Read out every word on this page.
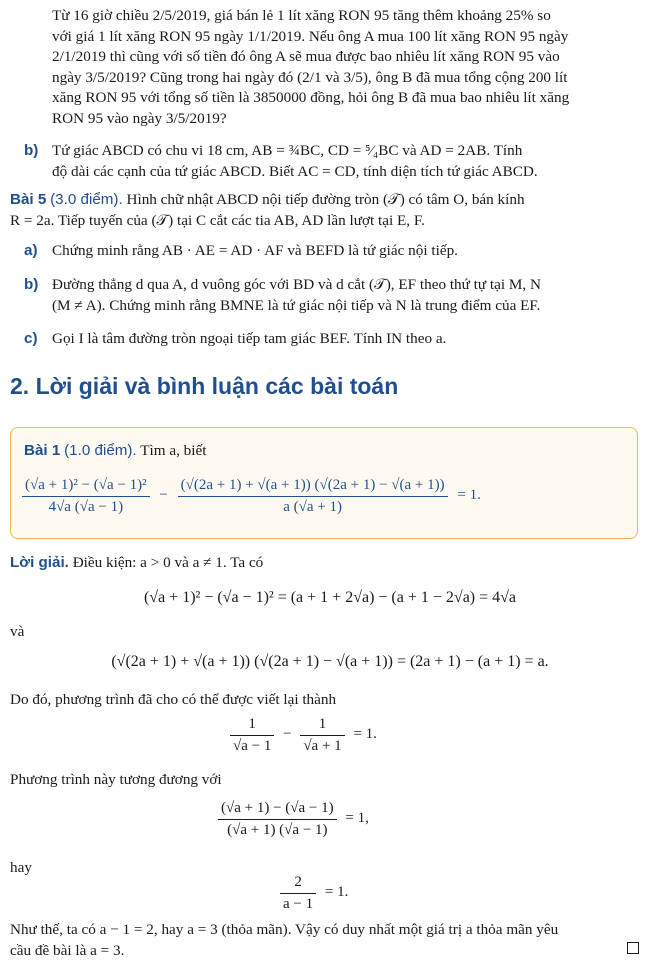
Từ 16 giờ chiều 2/5/2019, giá bán lẻ 1 lít xăng RON 95 tăng thêm khoảng 25% so
với giá 1 lít xăng RON 95 ngày 1/1/2019. Nếu ông A mua 100 lít xăng RON 95 ngày
2/1/2019 thì cũng với số tiền đó ông A sẽ mua được bao nhiêu lít xăng RON 95 vào
ngày 3/5/2019? Cũng trong hai ngày đó (2/1 và 3/5), ông B đã mua tổng cộng 200 lít
xăng RON 95 với tổng số tiền là 3850000 đồng, hỏi ông B đã mua bao nhiêu lít xăng
RON 95 vào ngày 3/5/2019?
b) Tứ giác ABCD có chu vi 18 cm, AB = ¾BC, CD = ⁵⁄₄BC và AD = 2AB. Tính
độ dài các cạnh của tứ giác ABCD. Biết AC = CD, tính diện tích tứ giác ABCD.
Bài 5 (3.0 điểm). Hình chữ nhật ABCD nội tiếp đường tròn (𝒯) có tâm O, bán kính
R = 2a. Tiếp tuyến của (𝒯) tại C cắt các tia AB, AD lần lượt tại E, F.
a) Chứng minh rằng AB · AE = AD · AF và BEFD là tứ giác nội tiếp.
b) Đường thẳng d qua A, d vuông góc với BD và d cắt (𝒯), EF theo thứ tự tại M, N
(M ≠ A). Chứng minh rằng BMNE là tứ giác nội tiếp và N là trung điểm của EF.
c) Gọi I là tâm đường tròn ngoại tiếp tam giác BEF. Tính IN theo a.
2. Lời giải và bình luận các bài toán
Bài 1 (1.0 điểm). Tìm a, biết
$\frac{\text{(√a + 1)² − (√a − 1)²}}{4√a (√a - 1)} - \frac{(√(2a + 1) + √(a + 1)) (√(2a + 1) - √(a + 1))}{a (√a + 1)} = 1$.
Lời giải. Điều kiện: a > 0 và a ≠ 1. Ta có
(√a + 1)² − (√a − 1)² = (a + 1 + 2√a) − (a + 1 − 2√a) = 4√a
và
(√(2a + 1) + √(a + 1)) (√(2a + 1) − √(a + 1)) = (2a + 1) − (a + 1) = a.
Do đó, phương trình đã cho có thể được viết lại thành
$\frac{1}{√a - 1} - \frac{1}{√a + 1} = 1$.
Phương trình này tương đương với
$\frac{(√a + 1) - (√a - 1)}{(√a + 1) (√a - 1)} = 1$,
hay
$\frac{2}{a - 1} = 1$.
Như thế, ta có a − 1 = 2, hay a = 3 (thỏa mãn). Vậy có duy nhất một giá trị a thỏa mãn yêu
cầu đề bài là a = 3.
